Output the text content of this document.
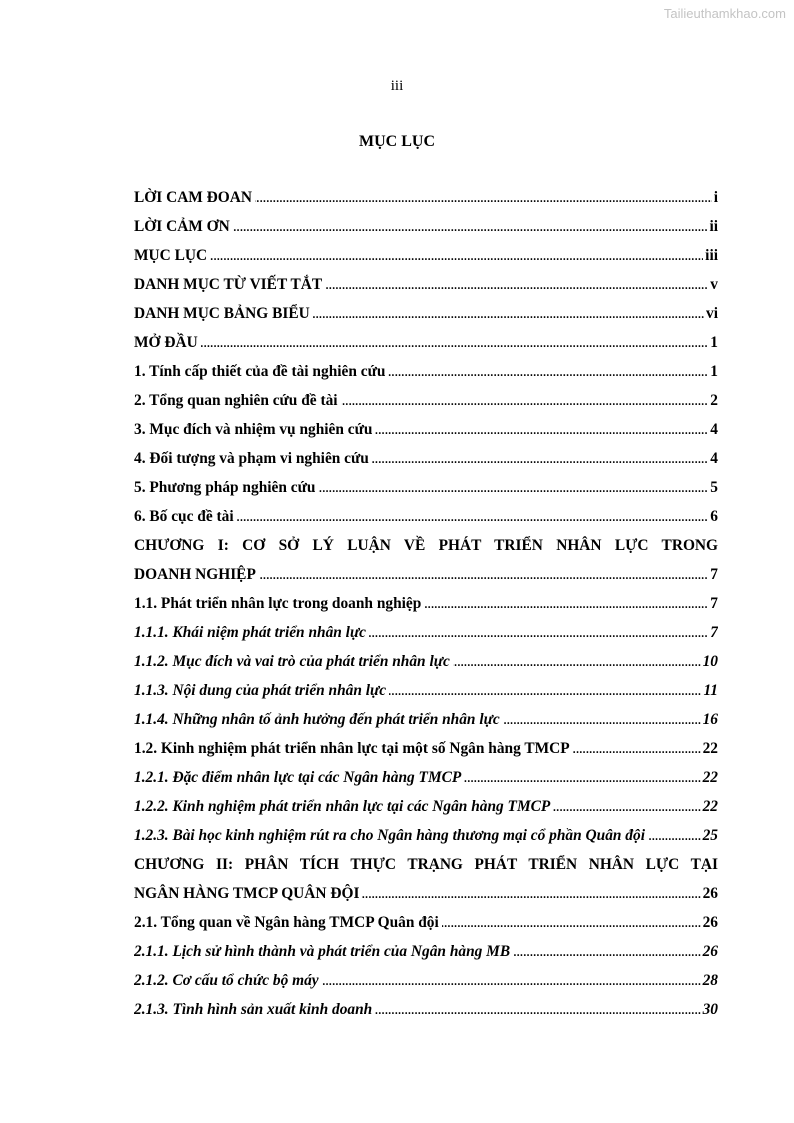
Tailieuthamkhao.com
iii
MỤC LỤC
. . .
LỜI CAM ĐOAN	i
. . .
LỜI CẢM ƠN	ii
. . .
MỤC LỤC	iii
. . .
DANH MỤC TỪ VIẾT TẮT	v
. . .
DANH MỤC BẢNG BIỂU	vi
. . .
MỞ ĐẦU	1
. . .
1. Tính cấp thiết của đề tài nghiên cứu	1
. . .
2. Tổng quan nghiên cứu đề tài	2
. . .
3. Mục đích và nhiệm vụ nghiên cứu	4
. . .
4. Đối tượng và phạm vi nghiên cứu	4
. . .
5. Phương pháp nghiên cứu	5
. . .
6. Bố cục đề tài	6
CHƯƠNG I: CƠ SỞ LÝ LUẬN VỀ PHÁT TRIỂN NHÂN LỰC TRONG
. . .
DOANH NGHIỆP	7
. . .
1.1. Phát triển nhân lực trong doanh nghiệp	7
. . .
1.1.1. Khái niệm phát triển nhân lực	7
. . .
1.1.2. Mục đích và vai trò của phát triển nhân lực	10
. . .
1.1.3. Nội dung của phát triển nhân lực	11
. . .
1.1.4. Những nhân tố ảnh hưởng đến phát triển nhân lực	16
. . .
1.2. Kinh nghiệm phát triển nhân lực tại một số Ngân hàng TMCP	22
. . .
1.2.1. Đặc điểm nhân lực tại các Ngân hàng TMCP	22
. . .
1.2.2. Kinh nghiệm phát triển nhân lực tại các Ngân hàng TMCP	22
. . .
1.2.3. Bài học kinh nghiệm rút ra cho Ngân hàng thương mại cổ phần Quân đội	25
CHƯƠNG II: PHÂN TÍCH THỰC TRẠNG PHÁT TRIỂN NHÂN LỰC TẠI
. . .
NGÂN HÀNG TMCP QUÂN ĐỘI	26
. . .
2.1. Tổng quan về Ngân hàng TMCP Quân đội	26
. . .
2.1.1. Lịch sử hình thành và phát triển của Ngân hàng MB	26
. . .
2.1.2. Cơ cấu tổ chức bộ máy	28
. . .
2.1.3. Tình hình sản xuất kinh doanh	30
